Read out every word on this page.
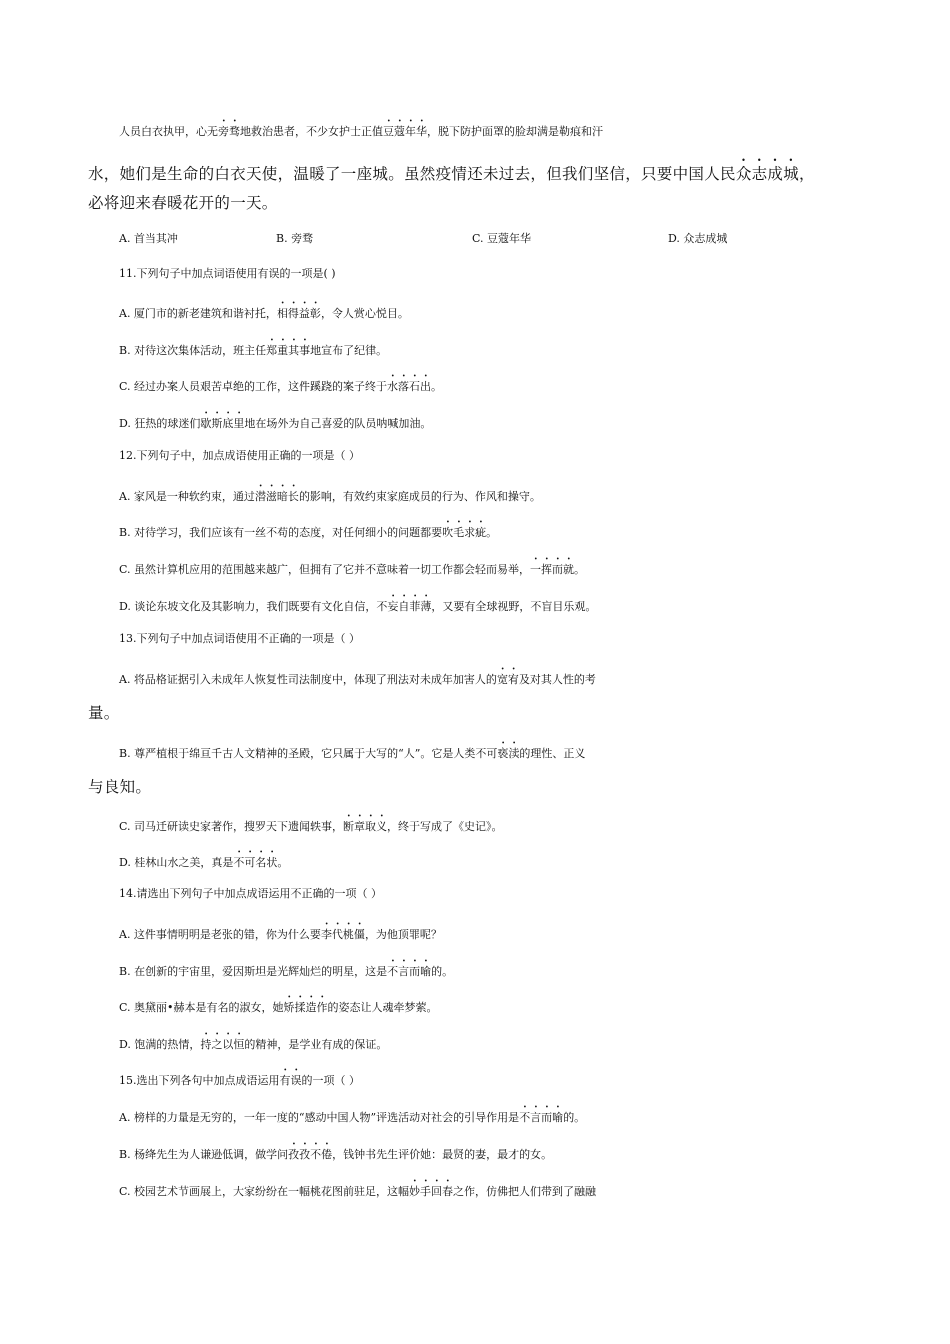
人员白衣执甲，心无旁骛地救治患者，不少女护士正值豆蔻年华，脱下防护面罩的脸却满是勒痕和汗
水，她们是生命的白衣天使，温暖了一座城。虽然疫情还未过去，但我们坚信，只要中国人民众志成城，
必将迎来春暖花开的一天。
A. 首当其冲	B. 旁骛	C. 豆蔻年华	D. 众志成城
11.下列句子中加点词语使用有误的一项是( )
A. 厦门市的新老建筑和谐衬托，相得益彰，令人赏心悦目。
B. 对待这次集体活动，班主任郑重其事地宣布了纪律。
C. 经过办案人员艰苦卓绝的工作，这件蹊跷的案子终于水落石出。
D. 狂热的球迷们歇斯底里地在场外为自己喜爱的队员呐喊加油。
12.下列句子中，加点成语使用正确的一项是（ ）
A. 家风是一种软约束，通过潜滋暗长的影响，有效约束家庭成员的行为、作风和操守。
B. 对待学习，我们应该有一丝不苟的态度，对任何细小的问题都要吹毛求疵。
C. 虽然计算机应用的范围越来越广，但拥有了它并不意味着一切工作都会轻而易举，一挥而就。
D. 谈论东坡文化及其影响力，我们既要有文化自信，不妄自菲薄，又要有全球视野，不盲目乐观。
13.下列句子中加点词语使用不正确的一项是（ ）
A. 将品格证据引入未成年人恢复性司法制度中，体现了刑法对未成年加害人的宽宥及对其人性的考
量。
B. 尊严植根于绵亘千古人文精神的圣殿，它只属于大写的“人”。它是人类不可亵渎的理性、正义
与良知。
C. 司马迁研读史家著作，搜罗天下遗闻轶事，断章取义，终于写成了《史记》。
D. 桂林山水之美，真是不可名状。
14.请选出下列句子中加点成语运用不正确的一项（ ）
A. 这件事情明明是老张的错，你为什么要李代桃僵，为他顶罪呢？
B. 在创新的宇宙里，爱因斯坦是光辉灿烂的明星，这是不言而喻的。
C. 奥黛丽•赫本是有名的淑女，她矫揉造作的姿态让人魂牵梦萦。
D. 饱满的热情，持之以恒的精神，是学业有成的保证。
15.选出下列各句中加点成语运用有误的一项（ ）
A. 榜样的力量是无穷的，一年一度的“感动中国人物”评选活动对社会的引导作用是不言而喻的。
B. 杨绛先生为人谦逊低调，做学问孜孜不倦，钱钟书先生评价她：最贤的妻，最才的女。
C. 校园艺术节画展上，大家纷纷在一幅桃花图前驻足，这幅妙手回春之作，仿佛把人们带到了融融
